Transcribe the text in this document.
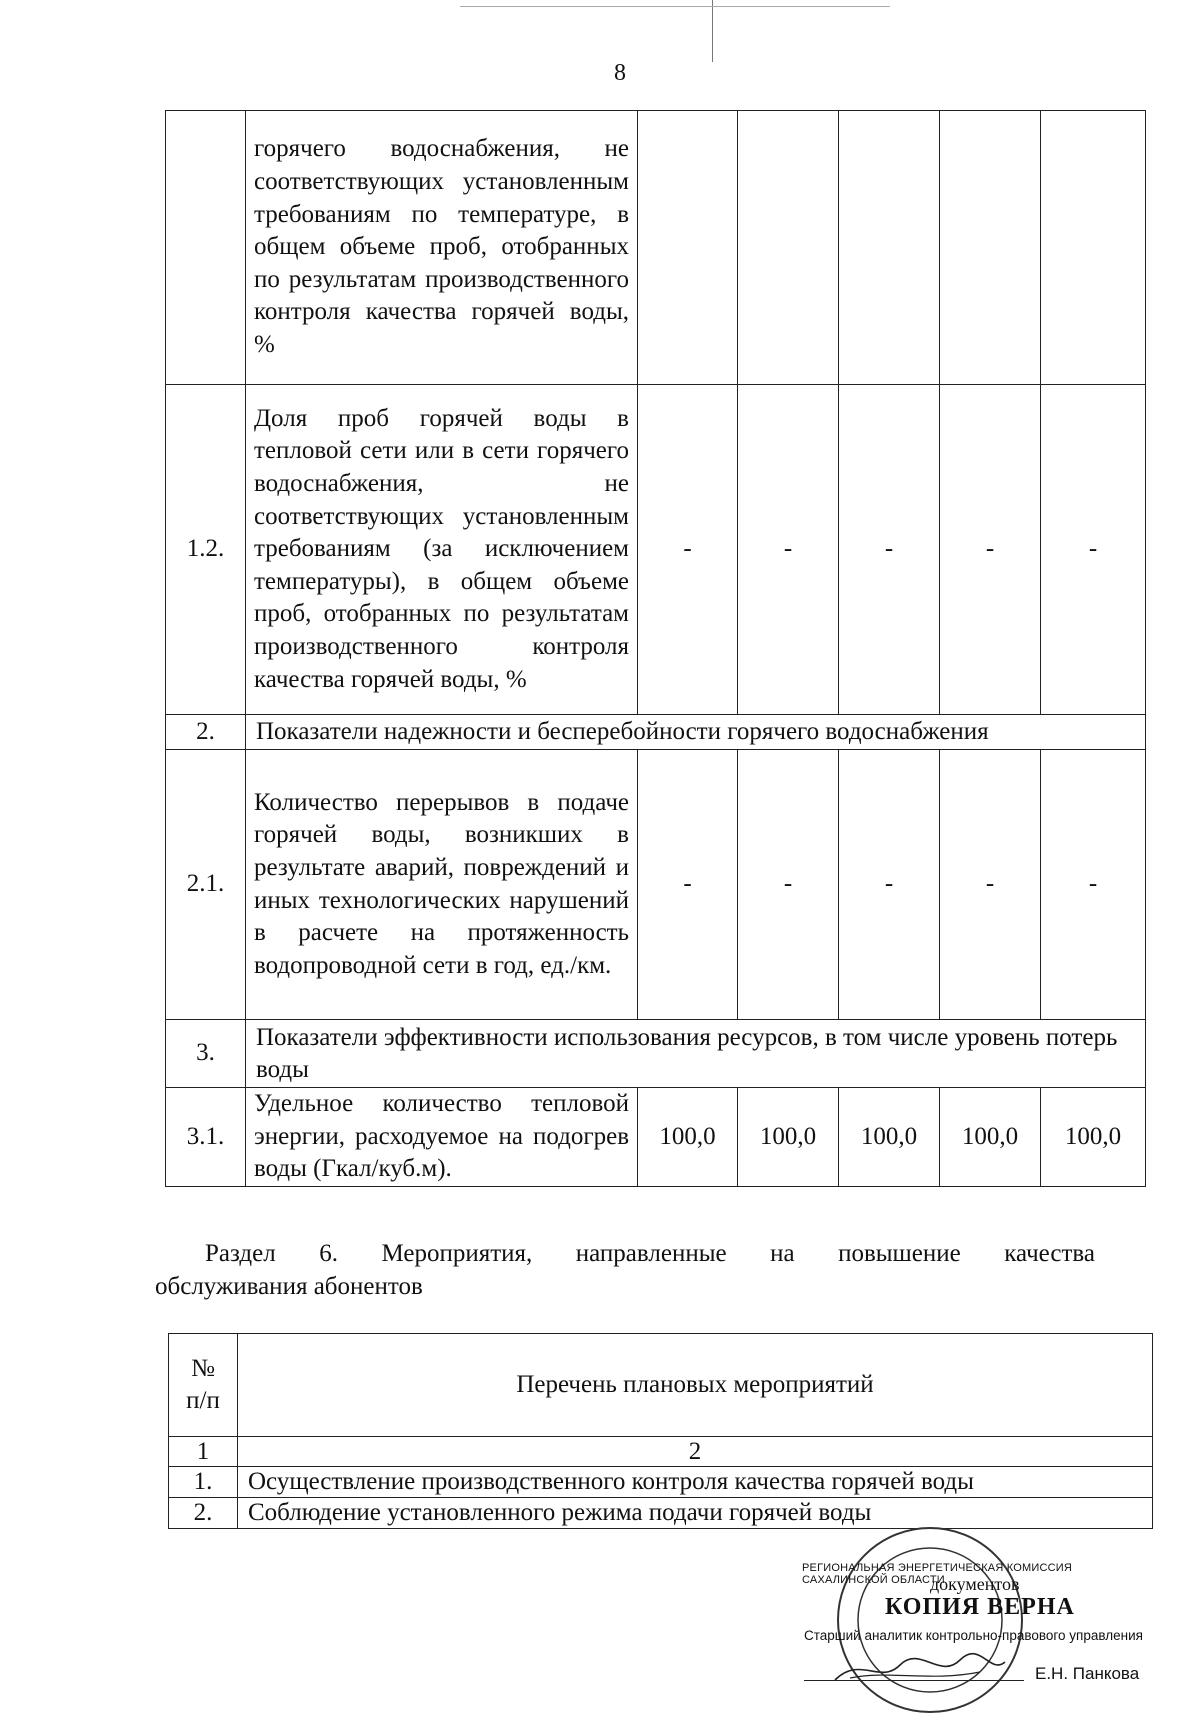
8
	горячего водоснабжения, не соответствующих установленным требованиям по температуре, в общем объеме проб, отобранных по результатам производственного контроля качества горячей воды, %					
1.2.	Доля проб горячей воды в тепловой сети или в сети горячего водоснабжения, не соответствующих установленным требованиям (за исключением температуры), в общем объеме проб, отобранных по результатам производственного контроля качества горячей воды, %	-	-	-	-	-
2.	Показатели надежности и бесперебойности горячего водоснабжения					
2.1.	Количество перерывов в подаче горячей воды, возникших в результате аварий, повреждений и иных технологических нарушений в расчете на протяженность водопроводной сети в год, ед./км.	-	-	-	-	-
3.	Показатели эффективности использования ресурсов, в том числе уровень потерь воды					
3.1.	Удельное количество тепловой энергии, расходуемое на подогрев воды (Гкал/куб.м).	100,0	100,0	100,0	100,0	100,0
Раздел 6. Мероприятия, направленные на повышение качества
обслуживания абонентов
№ п/п	Перечень плановых мероприятий
1	2
1.	Осуществление производственного контроля качества горячей воды
2.	Соблюдение установленного режима подачи горячей воды
РЕГИОНАЛЬНАЯ ЭНЕРГЕТИЧЕСКАЯ КОМИССИЯ САХАЛИНСКОЙ ОБЛАСТИ
документов
КОПИЯ ВЕРНА
Старший аналитик контрольно-правового управления
Е.Н. Панкова
